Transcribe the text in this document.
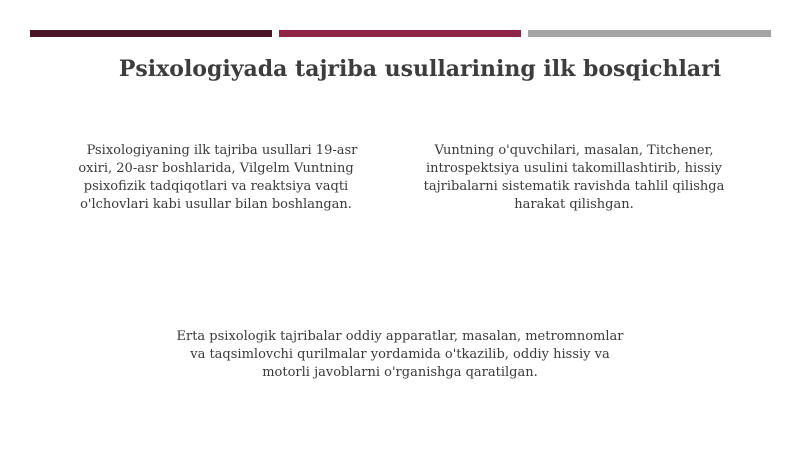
Psixologiyada tajriba usullarining ilk bosqichlari
Psixologiyaning ilk tajriba usullari 19-asr
oxiri, 20-asr boshlarida, Vilgelm Vuntning
psixofizik tadqiqotlari va reaktsiya vaqti
o'lchovlari kabi usullar bilan boshlangan.
Vuntning o'quvchilari, masalan, Titchener,
introspektsiya usulini takomillashtirib, hissiy
tajribalarni sistematik ravishda tahlil qilishga
harakat qilishgan.
Erta psixologik tajribalar oddiy apparatlar, masalan, metromnomlar
va taqsimlovchi qurilmalar yordamida o'tkazilib, oddiy hissiy va
motorli javoblarni o'rganishga qaratilgan.
